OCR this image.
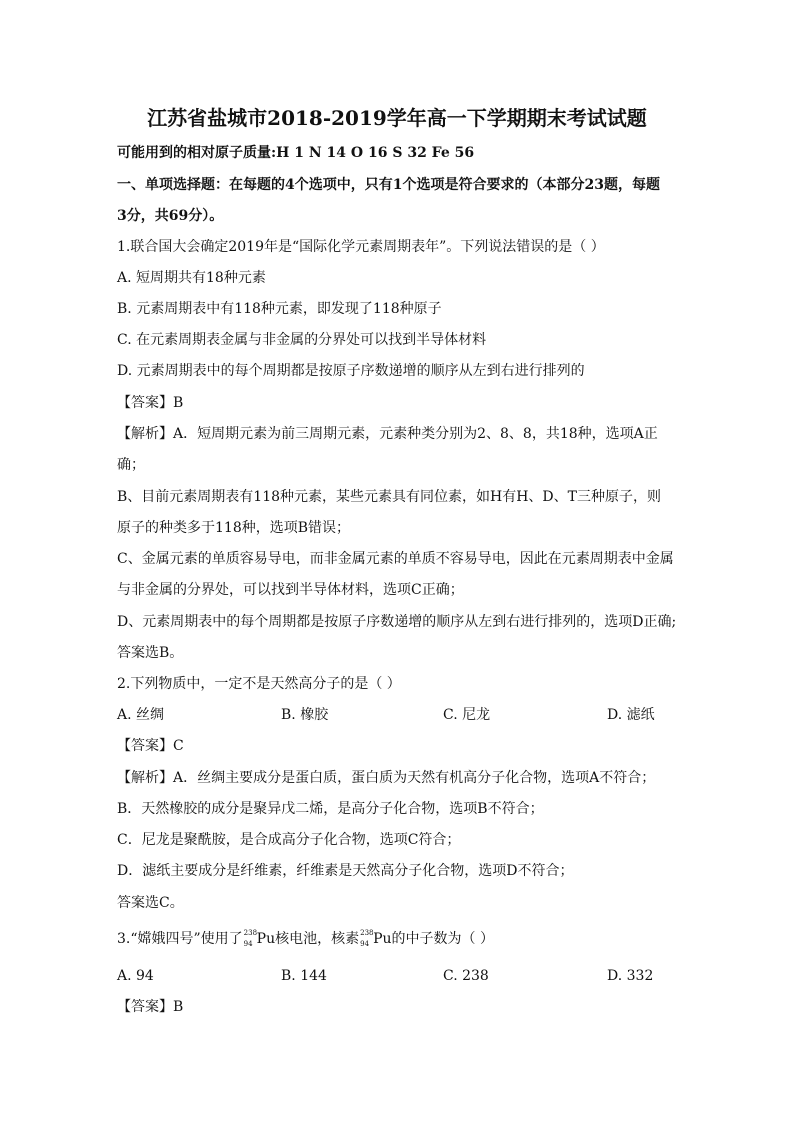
江苏省盐城市2018-2019学年高一下学期期末考试试题
可能用到的相对原子质量:H 1 N 14 O 16 S 32 Fe 56
一、单项选择题：在每题的4个选项中，只有1个选项是符合要求的（本部分23题，每题
3分，共69分）。
1.联合国大会确定2019年是“国际化学元素周期表年”。下列说法错误的是（ ）
A. 短周期共有18种元素
B. 元素周期表中有118种元素，即发现了118种原子
C. 在元素周期表金属与非金属的分界处可以找到半导体材料
D. 元素周期表中的每个周期都是按原子序数递增的顺序从左到右进行排列的
【答案】B
【解析】A．短周期元素为前三周期元素，元素种类分别为2、8、8，共18种，选项A正
确；
B、目前元素周期表有118种元素，某些元素具有同位素，如H有H、D、T三种原子，则
原子的种类多于118种，选项B错误；
C、金属元素的单质容易导电，而非金属元素的单质不容易导电，因此在元素周期表中金属
与非金属的分界处，可以找到半导体材料，选项C正确；
D、元素周期表中的每个周期都是按原子序数递增的顺序从左到右进行排列的，选项D正确;
答案选B。
2.下列物质中，一定不是天然高分子的是（ ）
A. 丝绸	B. 橡胶	C. 尼龙	D. 滤纸
【答案】C
【解析】A．丝绸主要成分是蛋白质，蛋白质为天然有机高分子化合物，选项A不符合；
B．天然橡胶的成分是聚异戊二烯，是高分子化合物，选项B不符合；
C．尼龙是聚酰胺，是合成高分子化合物，选项C符合；
D．滤纸主要成分是纤维素，纤维素是天然高分子化合物，选项D不符合；
答案选C。
3.“嫦娥四号”使用了 238
94 Pu核电池，核素 238
94 Pu的中子数为（ ）
A. 94	B. 144	C. 238	D. 332
【答案】B
